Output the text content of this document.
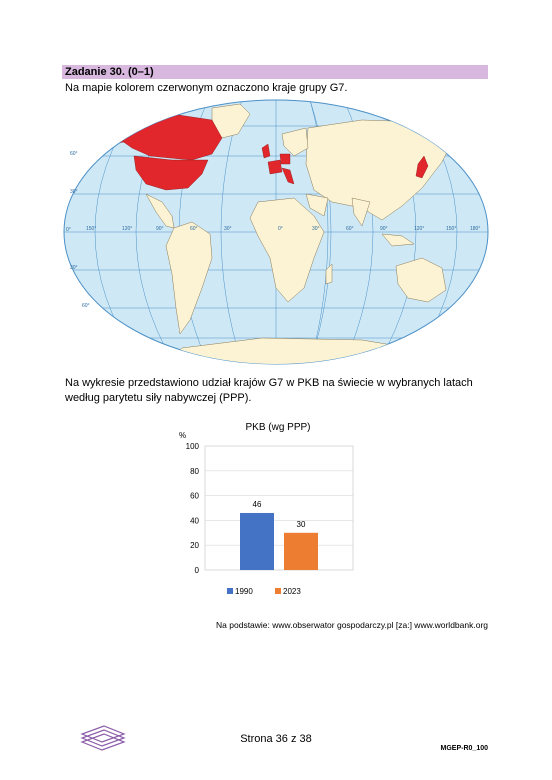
Zadanie 30. (0–1)
Na mapie kolorem czerwonym oznaczono kraje grupy G7.
60°
30°
0°
30°
60°
150°	120°	90°	60°	30°	0°	30°	60°	90°	120°	150°	180°
Na wykresie przedstawiono udział krajów G7 w PKB na świecie w wybranych latach według parytetu siły nabywczej (PPP).
PKB (wg PPP)
%
0
20
40
60
80
100
46
30
1990	2023
Na podstawie: www.obserwator gospodarczy.pl [za:] www.worldbank.org
Strona 36 z 38
MGEP-R0_100
